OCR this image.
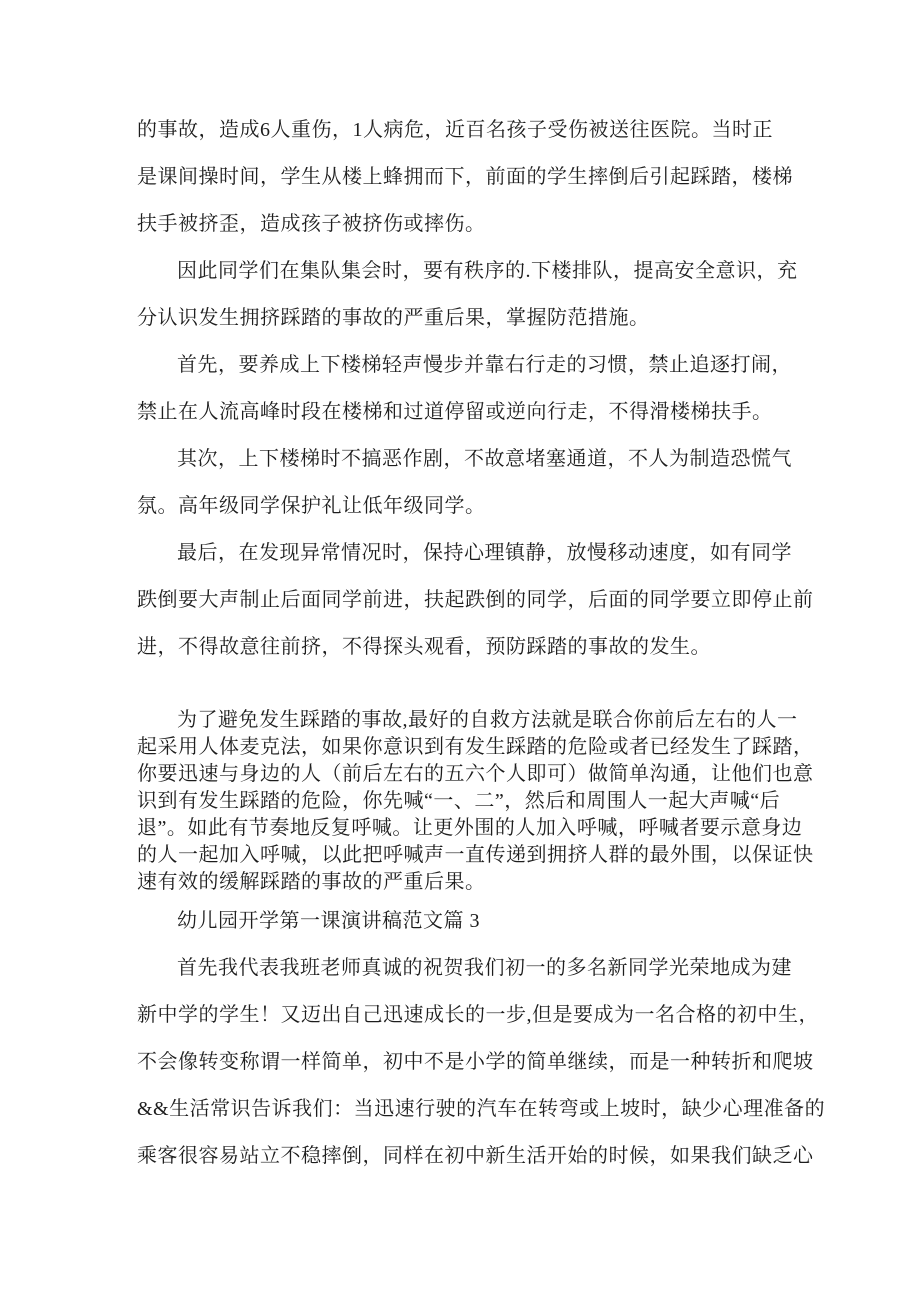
的事故，造成6人重伤，1人病危，近百名孩子受伤被送往医院。当时正
是课间操时间，学生从楼上蜂拥而下，前面的学生摔倒后引起踩踏，楼梯
扶手被挤歪，造成孩子被挤伤或摔伤。
因此同学们在集队集会时，要有秩序的.下楼排队，提高安全意识，充
分认识发生拥挤踩踏的事故的严重后果，掌握防范措施。
首先，要养成上下楼梯轻声慢步并靠右行走的习惯，禁止追逐打闹，
禁止在人流高峰时段在楼梯和过道停留或逆向行走，不得滑楼梯扶手。
其次，上下楼梯时不搞恶作剧，不故意堵塞通道，不人为制造恐慌气
氛。高年级同学保护礼让低年级同学。
最后，在发现异常情况时，保持心理镇静，放慢移动速度，如有同学
跌倒要大声制止后面同学前进，扶起跌倒的同学，后面的同学要立即停止前
进，不得故意往前挤，不得探头观看，预防踩踏的事故的发生。
为了避免发生踩踏的事故,最好的自救方法就是联合你前后左右的人一
起采用人体麦克法，如果你意识到有发生踩踏的危险或者已经发生了踩踏，
你要迅速与身边的人（前后左右的五六个人即可）做简单沟通，让他们也意
识到有发生踩踏的危险，你先喊“一、二”，然后和周围人一起大声喊“后
退”。如此有节奏地反复呼喊。让更外围的人加入呼喊，呼喊者要示意身边
的人一起加入呼喊，以此把呼喊声一直传递到拥挤人群的最外围，以保证快
速有效的缓解踩踏的事故的严重后果。
幼儿园开学第一课演讲稿范文篇 3
首先我代表我班老师真诚的祝贺我们初一的多名新同学光荣地成为建
新中学的学生！又迈出自己迅速成长的一步,但是要成为一名合格的初中生，
不会像转变称谓一样简单，初中不是小学的简单继续，而是一种转折和爬坡
&&生活常识告诉我们：当迅速行驶的汽车在转弯或上坡时，缺少心理准备的
乘客很容易站立不稳摔倒，同样在初中新生活开始的时候，如果我们缺乏心
